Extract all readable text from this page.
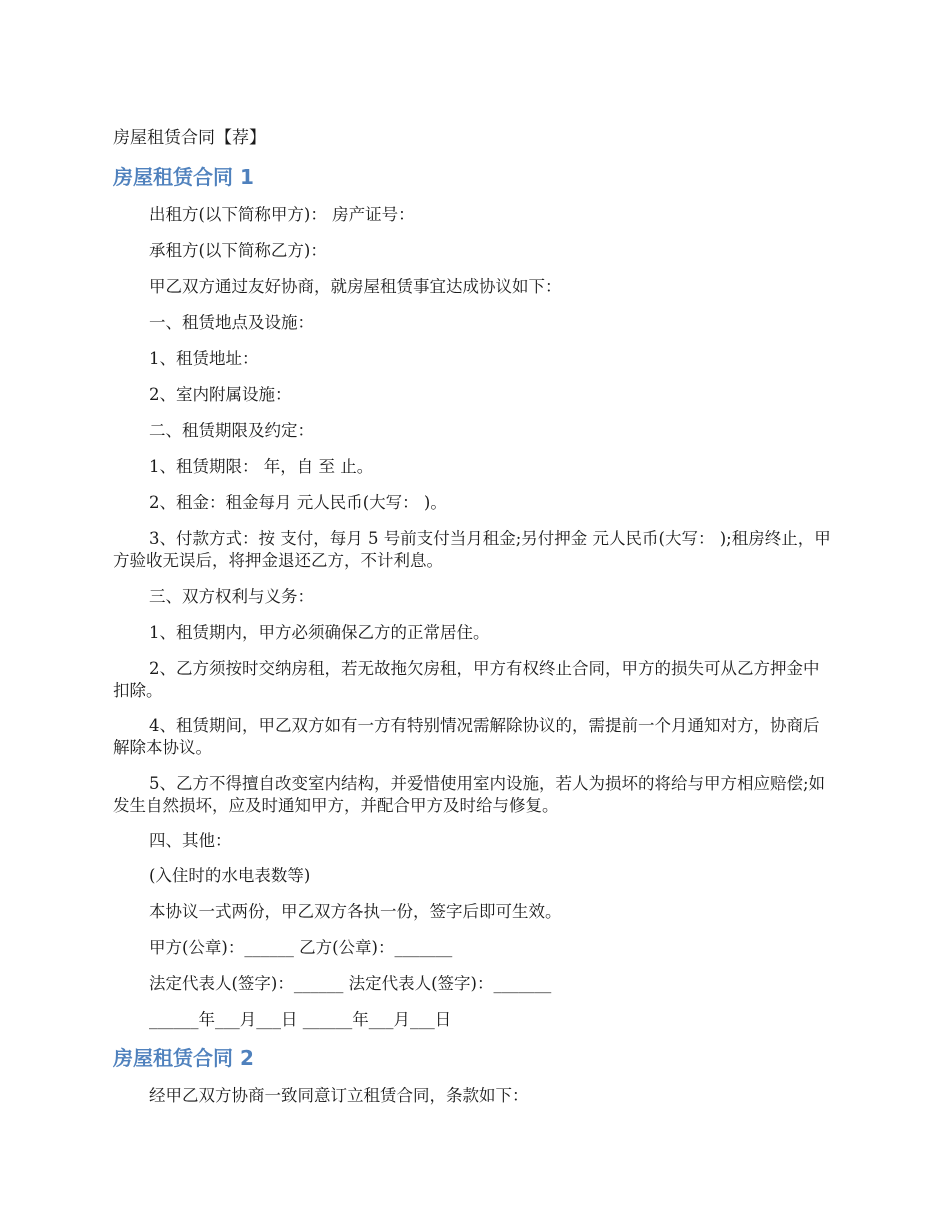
房屋租赁合同【荐】
房屋租赁合同 1
出租方(以下简称甲方)： 房产证号：
承租方(以下简称乙方)：
甲乙双方通过友好协商，就房屋租赁事宜达成协议如下：
一、租赁地点及设施：
1、租赁地址：
2、室内附属设施：
二、租赁期限及约定：
1、租赁期限： 年，自 至 止。
2、租金：租金每月 元人民币(大写： )。
3、付款方式：按 支付，每月 5 号前支付当月租金;另付押金 元人民币(大写： );租房终止，甲方验收无误后，将押金退还乙方，不计利息。
三、双方权利与义务：
1、租赁期内，甲方必须确保乙方的正常居住。
2、乙方须按时交纳房租，若无故拖欠房租，甲方有权终止合同，甲方的损失可从乙方押金中扣除。
4、租赁期间，甲乙双方如有一方有特别情况需解除协议的，需提前一个月通知对方，协商后解除本协议。
5、乙方不得擅自改变室内结构，并爱惜使用室内设施，若人为损坏的将给与甲方相应赔偿;如发生自然损坏，应及时通知甲方，并配合甲方及时给与修复。
四、其他：
(入住时的水电表数等)
本协议一式两份，甲乙双方各执一份，签字后即可生效。
甲方(公章)：______ 乙方(公章)：_______
法定代表人(签字)：______ 法定代表人(签字)：_______
______年___月___日 ______年___月___日
房屋租赁合同 2
经甲乙双方协商一致同意订立租赁合同，条款如下：
